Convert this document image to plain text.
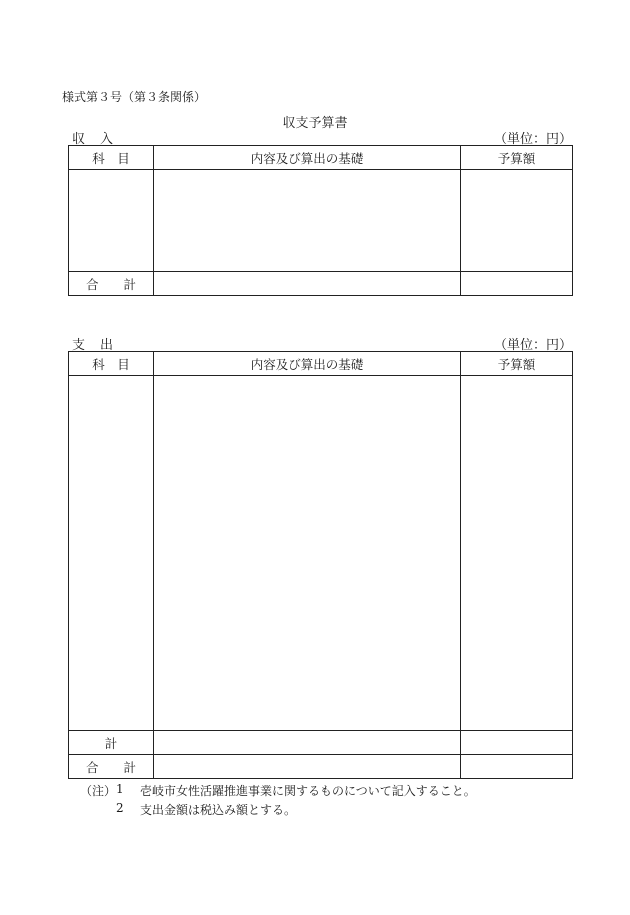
様式第３号（第３条関係）
収支予算書
収　入	（単位：円）
科　目	内容及び算出の基礎	予算額

合　　計		
支　出	（単位：円）
科　目	内容及び算出の基礎	予算額

計		
合　　計		
（注） 1 壱岐市女性活躍推進事業に関するものについて記入すること。
2 支出金額は税込み額とする。
